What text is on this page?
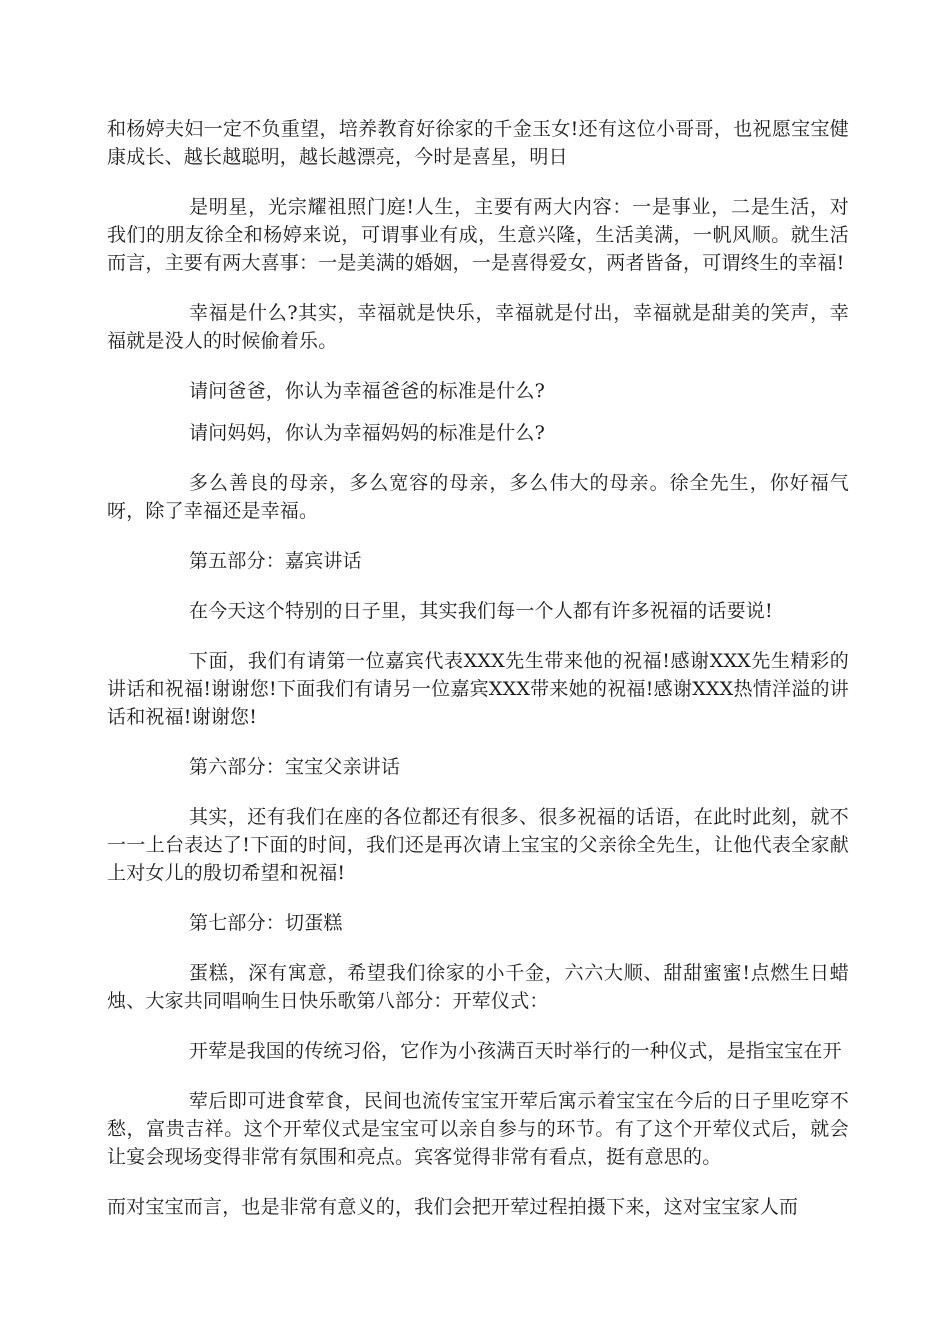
和杨婷夫妇一定不负重望，培养教育好徐家的千金玉女!还有这位小哥哥，也祝愿宝宝健康成长、越长越聪明，越长越漂亮，今时是喜星，明日

是明星，光宗耀祖照门庭!人生，主要有两大内容：一是事业，二是生活，对我们的朋友徐全和杨婷来说，可谓事业有成，生意兴隆，生活美满，一帆风顺。就生活而言，主要有两大喜事：一是美满的婚姻，一是喜得爱女，两者皆备，可谓终生的幸福!

幸福是什么?其实，幸福就是快乐，幸福就是付出，幸福就是甜美的笑声，幸福就是没人的时候偷着乐。

请问爸爸，你认为幸福爸爸的标准是什么?

请问妈妈，你认为幸福妈妈的标准是什么?

多么善良的母亲，多么宽容的母亲，多么伟大的母亲。徐全先生，你好福气呀，除了幸福还是幸福。

第五部分：嘉宾讲话

在今天这个特别的日子里，其实我们每一个人都有许多祝福的话要说!

下面，我们有请第一位嘉宾代表XXX先生带来他的祝福!感谢XXX先生精彩的讲话和祝福!谢谢您!下面我们有请另一位嘉宾XXX带来她的祝福!感谢XXX热情洋溢的讲话和祝福!谢谢您!

第六部分：宝宝父亲讲话

其实，还有我们在座的各位都还有很多、很多祝福的话语，在此时此刻，就不一一上台表达了!下面的时间，我们还是再次请上宝宝的父亲徐全先生，让他代表全家献上对女儿的殷切希望和祝福!

第七部分：切蛋糕

蛋糕，深有寓意，希望我们徐家的小千金，六六大顺、甜甜蜜蜜!点燃生日蜡烛、大家共同唱响生日快乐歌第八部分：开荤仪式：

开荤是我国的传统习俗，它作为小孩满百天时举行的一种仪式，是指宝宝在开

荤后即可进食荤食，民间也流传宝宝开荤后寓示着宝宝在今后的日子里吃穿不愁，富贵吉祥。这个开荤仪式是宝宝可以亲自参与的环节。有了这个开荤仪式后，就会让宴会现场变得非常有氛围和亮点。宾客觉得非常有看点，挺有意思的。

而对宝宝而言，也是非常有意义的，我们会把开荤过程拍摄下来，这对宝宝家人而
